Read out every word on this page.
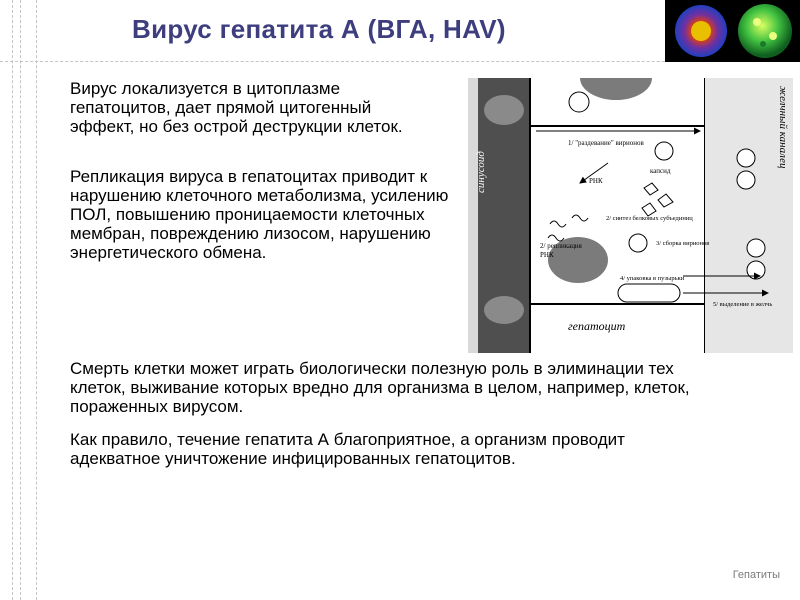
Вирус гепатита А (ВГА, HAV)
Вирус локализуется в цитоплазме гепатоцитов, дает прямой цитогенный эффект, но без острой деструкции клеток.
Репликация вируса в гепатоцитах приводит к нарушению клеточного метаболизма, усилению ПОЛ, повышению проницаемости клеточных мембран, повреждению лизосом, нарушению энергетического обмена.
Смерть клетки может играть биологически полезную роль в элиминации тех клеток, выживание которых вредно для организма в целом, например, клеток, пораженных вирусом.
Как правило, течение гепатита А благоприятное, а организм проводит адекватное уничтожение инфицированных гепатоцитов.
синусоид
желчный каналец
1/ "раздевание" вирионов
капсид
РНК
2/ синтез белковых субъединиц
2/ репликация
РНК
3/ сборка вирионов
4/ упаковка в пузырьки
5/ выделение в желчь
гепатоцит
Гепатиты
